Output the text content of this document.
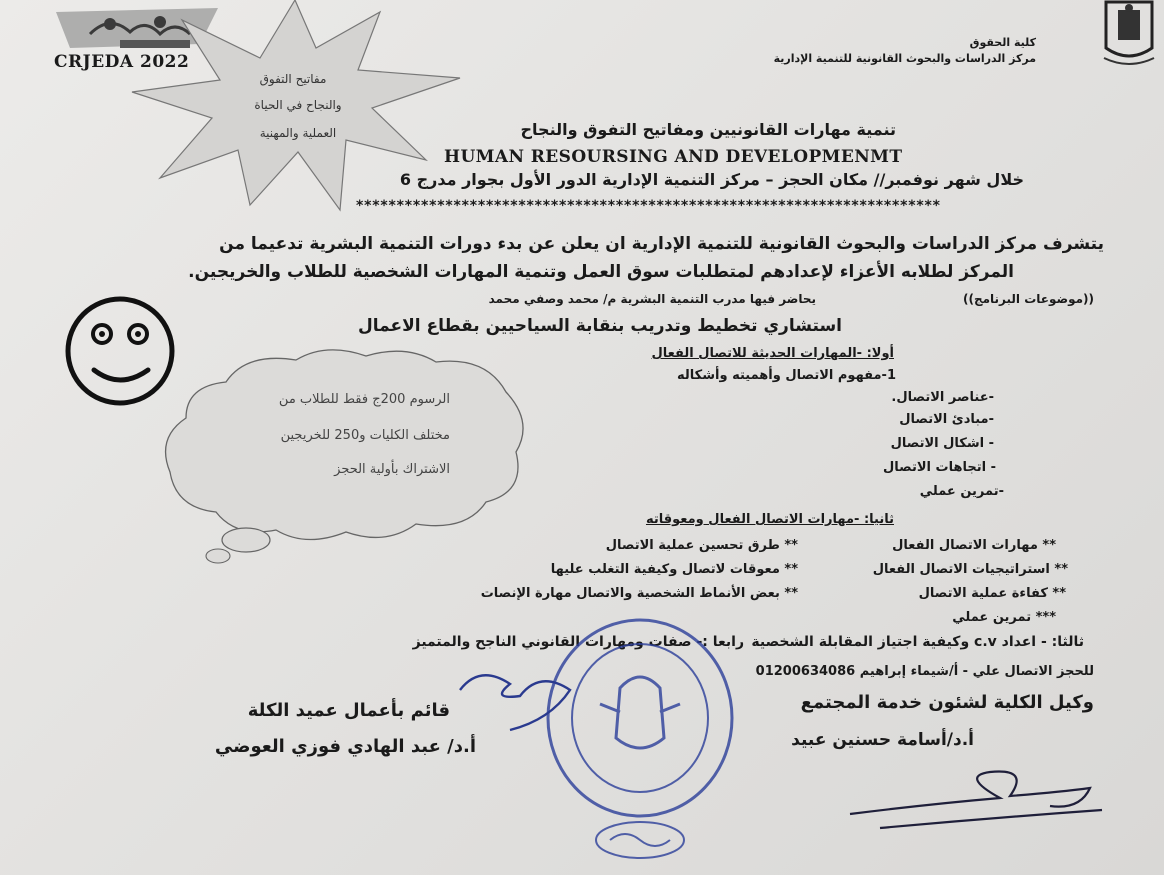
CRJEDA 2022
مفاتيح التفوق
والنجاح في الحياة
العملية والمهنية
كلية الحقوق
مركز الدراسات والبحوث القانونية للتنمية الإدارية
تنمية مهارات القانونيين ومفاتيح التفوق والنجاح
HUMAN RESOURSING AND DEVELOPMENMT
خلال شهر نوفمبر// مكان الحجز – مركز التنمية الإدارية الدور الأول بجوار مدرج 6
************************************************************************
يتشرف مركز الدراسات والبحوث القانونية للتنمية الإدارية ان يعلن عن بدء دورات التنمية البشرية تدعيما من
المركز لطلابه الأعزاء لإعدادهم لمتطلبات سوق العمل وتنمية المهارات الشخصية للطلاب والخريجين.
((موضوعات البرنامج))
يحاضر فيها مدرب التنمية البشرية م/ محمد وصفي محمد
استشاري تخطيط وتدريب بنقابة السياحيين بقطاع الاعمال
الرسوم 200ج فقط للطلاب من
مختلف الكليات و250 للخريجين
الاشتراك بأولية الحجز
أولا: -المهارات الحديثة للاتصال الفعال
1-مفهوم الاتصال وأهميته وأشكاله
-عناصر الاتصال.
-مبادئ الاتصال
- اشكال الاتصال
- اتجاهات الاتصال
-تمرين عملي
ثانيا: -مهارات الاتصال الفعال ومعوقاته
** مهارات الاتصال الفعال
** استراتيجيات الاتصال الفعال
** كفاءة عملية الاتصال
*** تمرين عملي
** طرق تحسين عملية الاتصال
** معوقات لاتصال وكيفية التغلب عليها
** بعض الأنماط الشخصية والاتصال مهارة الإنصات
ثالثا: - اعداد c.v وكيفية اجتياز المقابلة الشخصية
رابعا :- صفات ومهارات القانوني الناجح والمتميز
للحجز الاتصال علي - أ/شيماء إبراهيم 01200634086
وكيل الكلية لشئون خدمة المجتمع
أ.د/أسامة حسنين عبيد
قائم بأعمال عميد الكلة
أ.د/ عبد الهادي فوزي العوضي
